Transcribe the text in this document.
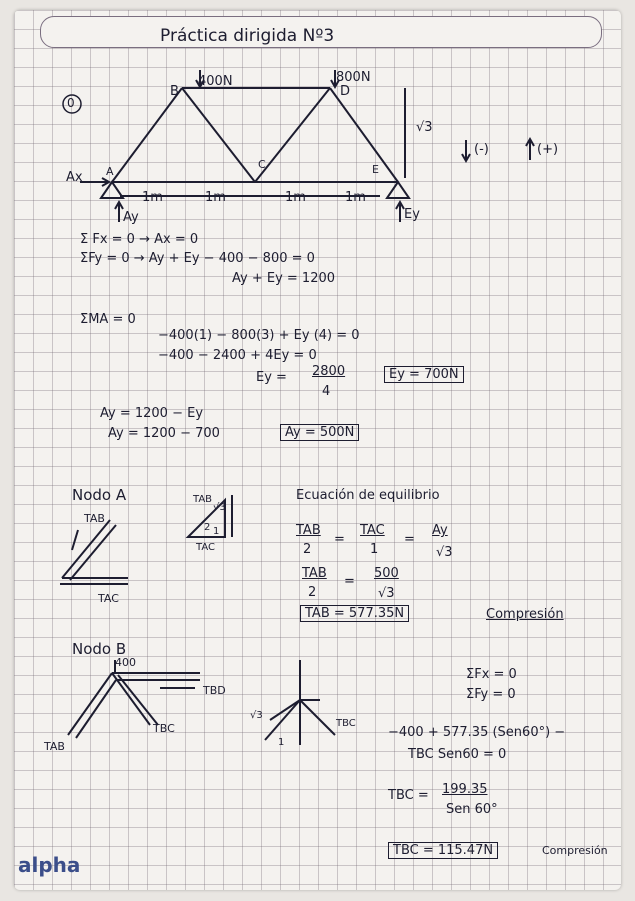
Práctica dirigida Nº3
0
400N	800N
B	D
C	E
A
√3
Ax
Ay	Ey
1m	1m	1m	1m
(-)	(+)
Σ Fx = 0 → Ax = 0
ΣFy = 0 → Ay + Ey − 400 − 800 = 0
Ay + Ey = 1200
ΣMA = 0
−400(1) − 800(3) + Ey (4) = 0
−400 − 2400 + 4Ey = 0
Ey = 2800
4
Ey = 700N
Ay = 1200 − Ey
Ay = 1200 − 700	Ay = 500N
Nodo A
TAB
TAC
TAB
TAC
√3
2 1
Ecuación de equilibrio
TAB
2
=
TAC
1
=
Ay
√3
TAB
2
=
500
√3
TAB = 577.35N	Compresión
Nodo B
400
TBD
TBC
TAB
√3
1
TBC
ΣFx = 0
ΣFy = 0
−400 + 577.35 (Sen60°) −
TBC Sen60 = 0
TBC = 199.35
Sen 60°
TBC = 115.47N	Compresión
alpha
